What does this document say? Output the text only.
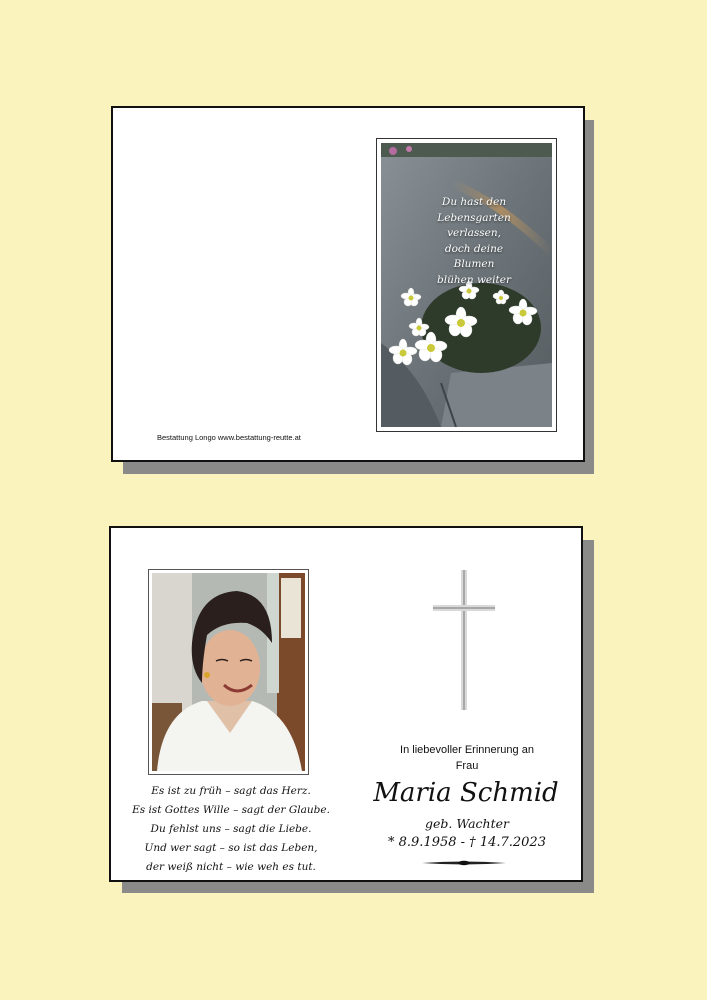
Du hast den
Lebensgarten
verlassen,
doch deine
Blumen
blühen weiter
Bestattung Longo www.bestattung-reutte.at
Es ist zu früh – sagt das Herz.
Es ist Gottes Wille – sagt der Glaube.
Du fehlst uns – sagt die Liebe.
Und wer sagt – so ist das Leben,
der weiß nicht – wie weh es tut.
In liebevoller Erinnerung an
Frau
Maria Schmid
geb. Wachter
* 8.9.1958 - † 14.7.2023
